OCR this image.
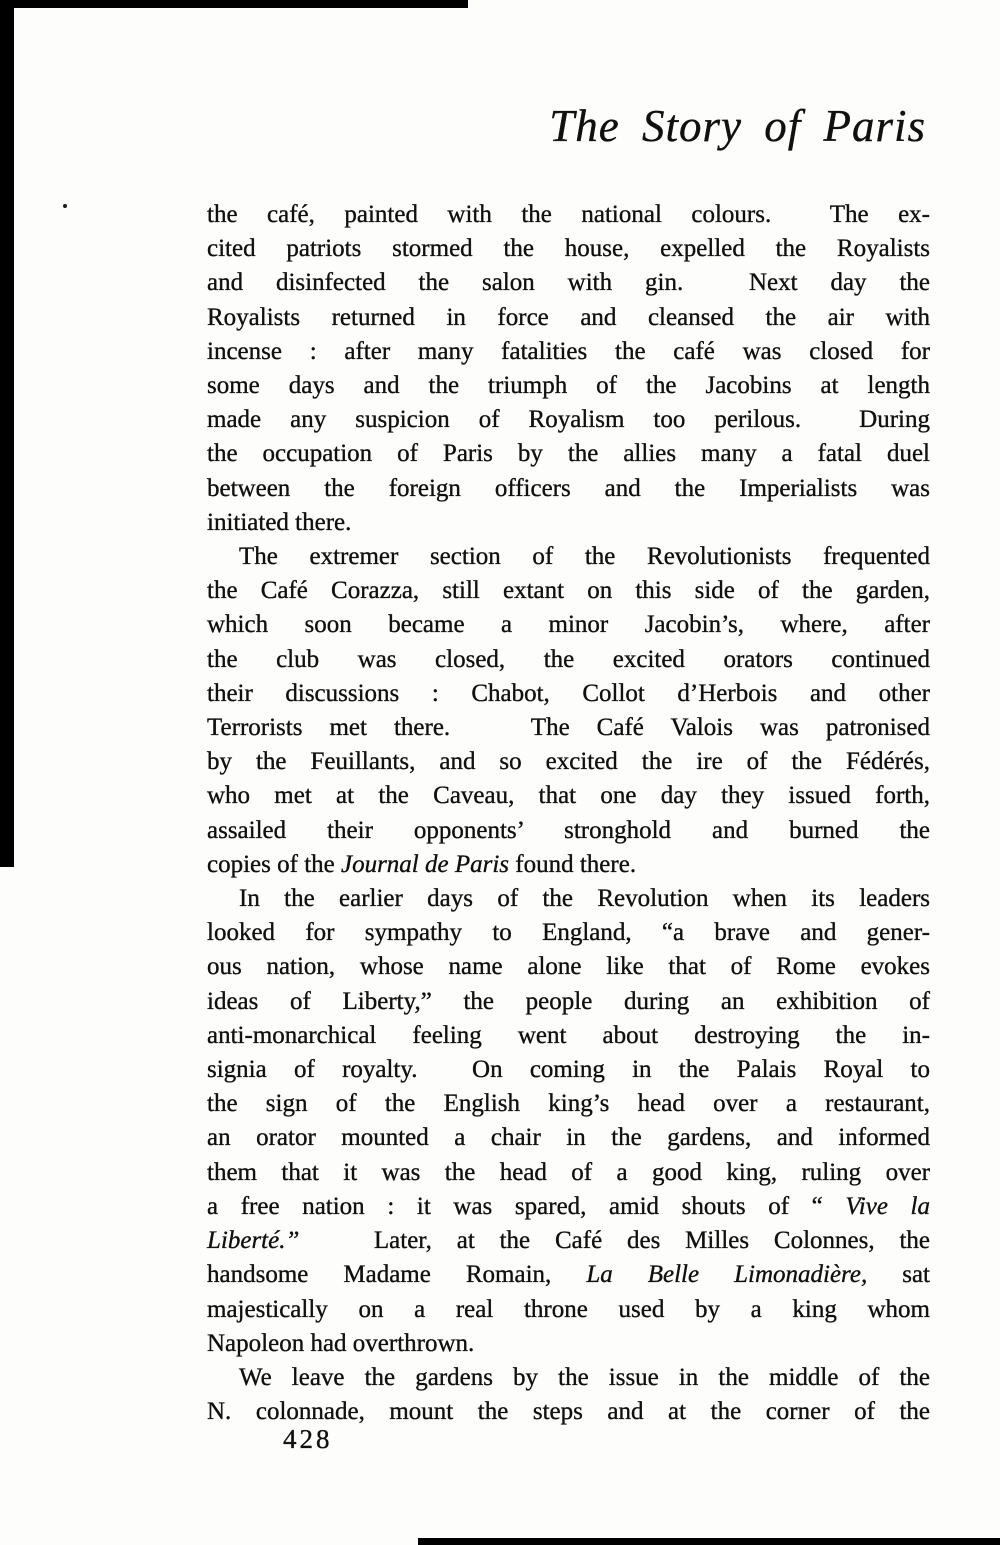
The Story of Paris
the café, painted with the national colours.  The ex-
cited patriots stormed the house, expelled the Royalists
and disinfected the salon with gin.  Next day the
Royalists returned in force and cleansed the air with
incense : after many fatalities the café was closed for
some days and the triumph of the Jacobins at length
made any suspicion of Royalism too perilous.  During
the occupation of Paris by the allies many a fatal duel
between the foreign officers and the Imperialists was
initiated there.
The extremer section of the Revolutionists frequented
the Café Corazza, still extant on this side of the garden,
which soon became a minor Jacobin’s, where, after
the club was closed, the excited orators continued
their discussions : Chabot, Collot d’Herbois and other
Terrorists met there.   The Café Valois was patronised
by the Feuillants, and so excited the ire of the Fédérés,
who met at the Caveau, that one day they issued forth,
assailed their opponents’ stronghold and burned the
copies of the Journal de Paris found there.
In the earlier days of the Revolution when its leaders
looked for sympathy to England, “a brave and gener-
ous nation, whose name alone like that of Rome evokes
ideas of Liberty,” the people during an exhibition of
anti-monarchical feeling went about destroying the in-
signia of royalty.  On coming in the Palais Royal to
the sign of the English king’s head over a restaurant,
an orator mounted a chair in the gardens, and informed
them that it was the head of a good king, ruling over
a free nation : it was spared, amid shouts of “ Vive la
Liberté.”   Later, at the Café des Milles Colonnes, the
handsome Madame Romain, La Belle Limonadière, sat
majestically on a real throne used by a king whom
Napoleon had overthrown.
We leave the gardens by the issue in the middle of the
N. colonnade, mount the steps and at the corner of the
428
